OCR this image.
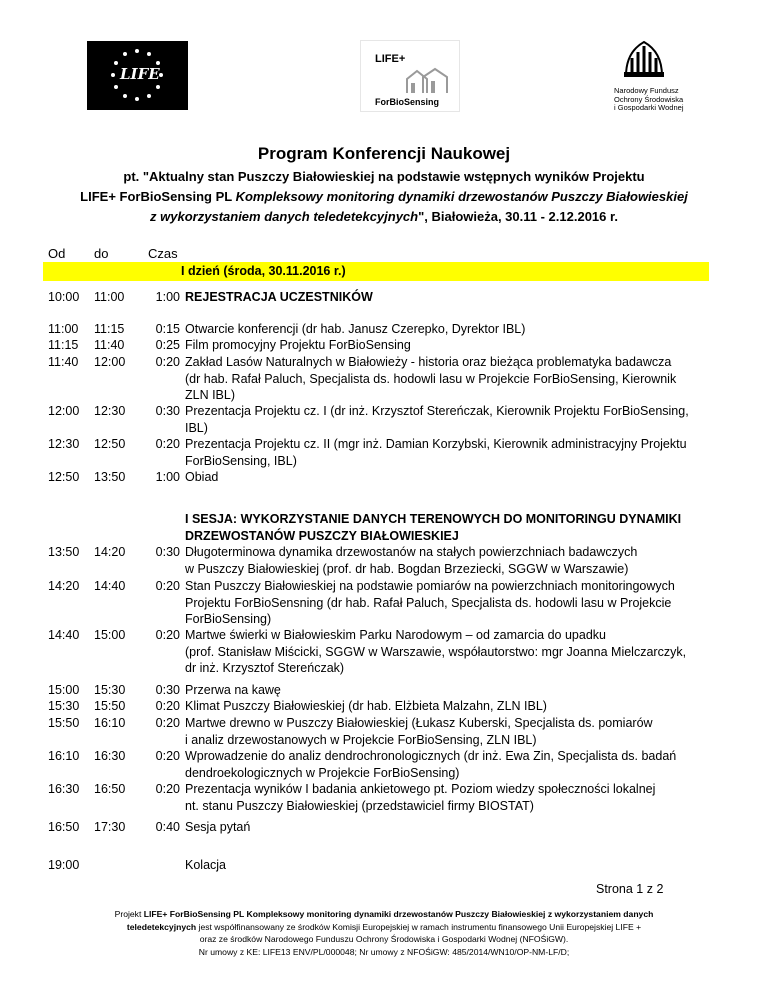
LIFE
LIFE+
ForBioSensing
Narodowy Fundusz
Ochrony Środowiska
i Gospodarki Wodnej
Program Konferencji Naukowej
pt. "Aktualny stan Puszczy Białowieskiej na podstawie wstępnych wyników Projektu
LIFE+ ForBioSensing PL Kompleksowy monitoring dynamiki drzewostanów Puszczy Białowieskiej
z wykorzystaniem danych teledetekcyjnych", Białowieża, 30.11 - 2.12.2016 r.
Od do	Czas
I dzień (środa, 30.11.2016 r.)
10:00 11:00	1:00 REJESTRACJA UCZESTNIKÓW
11:00 11:15	0:15 Otwarcie konferencji (dr hab. Janusz Czerepko, Dyrektor IBL)
11:15 11:40	0:25 Film promocyjny Projektu ForBioSensing
11:40 12:00	0:20 Zakład Lasów Naturalnych w Białowieży - historia oraz bieżąca problematyka badawcza
(dr hab. Rafał Paluch, Specjalista ds. hodowli lasu w Projekcie ForBioSensing, Kierownik
ZLN IBL)
12:00 12:30	0:30 Prezentacja Projektu cz. I (dr inż. Krzysztof Stereńczak, Kierownik Projektu ForBioSensing,
IBL)
12:30 12:50	0:20 Prezentacja Projektu cz. II (mgr inż. Damian Korzybski, Kierownik administracyjny Projektu
ForBioSensing, IBL)
12:50 13:50	1:00 Obiad
I SESJA: WYKORZYSTANIE DANYCH TERENOWYCH DO MONITORINGU DYNAMIKI
DRZEWOSTANÓW PUSZCZY BIAŁOWIESKIEJ
13:50 14:20	0:30 Długoterminowa dynamika drzewostanów na stałych powierzchniach badawczych
w Puszczy Białowieskiej (prof. dr hab. Bogdan Brzeziecki, SGGW w Warszawie)
14:20 14:40	0:20 Stan Puszczy Białowieskiej na podstawie pomiarów na powierzchniach monitoringowych
Projektu ForBioSensning (dr hab. Rafał Paluch, Specjalista ds. hodowli lasu w Projekcie
ForBioSensing)
14:40 15:00	0:20 Martwe świerki w Białowieskim Parku Narodowym – od zamarcia do upadku
(prof. Stanisław Miścicki, SGGW w Warszawie, współautorstwo: mgr Joanna Mielczarczyk,
dr inż. Krzysztof Stereńczak)
15:00 15:30	0:30 Przerwa na kawę
15:30 15:50	0:20 Klimat Puszczy Białowieskiej (dr hab. Elżbieta Malzahn, ZLN IBL)
15:50 16:10	0:20 Martwe drewno w Puszczy Białowieskiej (Łukasz Kuberski, Specjalista ds. pomiarów
i analiz drzewostanowych w Projekcie ForBioSensing, ZLN IBL)
16:10 16:30	0:20 Wprowadzenie do analiz dendrochronologicznych (dr inż. Ewa Zin, Specjalista ds. badań
dendroekologicznych w Projekcie ForBioSensing)
16:30 16:50	0:20 Prezentacja wyników I badania ankietowego pt. Poziom wiedzy społeczności lokalnej
nt. stanu Puszczy Białowieskiej (przedstawiciel firmy BIOSTAT)
16:50 17:30	0:40 Sesja pytań
19:00	Kolacja
Strona 1 z 2
Projekt LIFE+ ForBioSensing PL Kompleksowy monitoring dynamiki drzewostanów Puszczy Białowieskiej z wykorzystaniem danych
teledetekcyjnych jest współfinansowany ze środków Komisji Europejskiej w ramach instrumentu finansowego Unii Europejskiej LIFE +
oraz ze środków Narodowego Funduszu Ochrony Środowiska i Gospodarki Wodnej (NFOŚiGW).
Nr umowy z KE: LIFE13 ENV/PL/000048; Nr umowy z NFOŚiGW: 485/2014/WN10/OP-NM-LF/D;
